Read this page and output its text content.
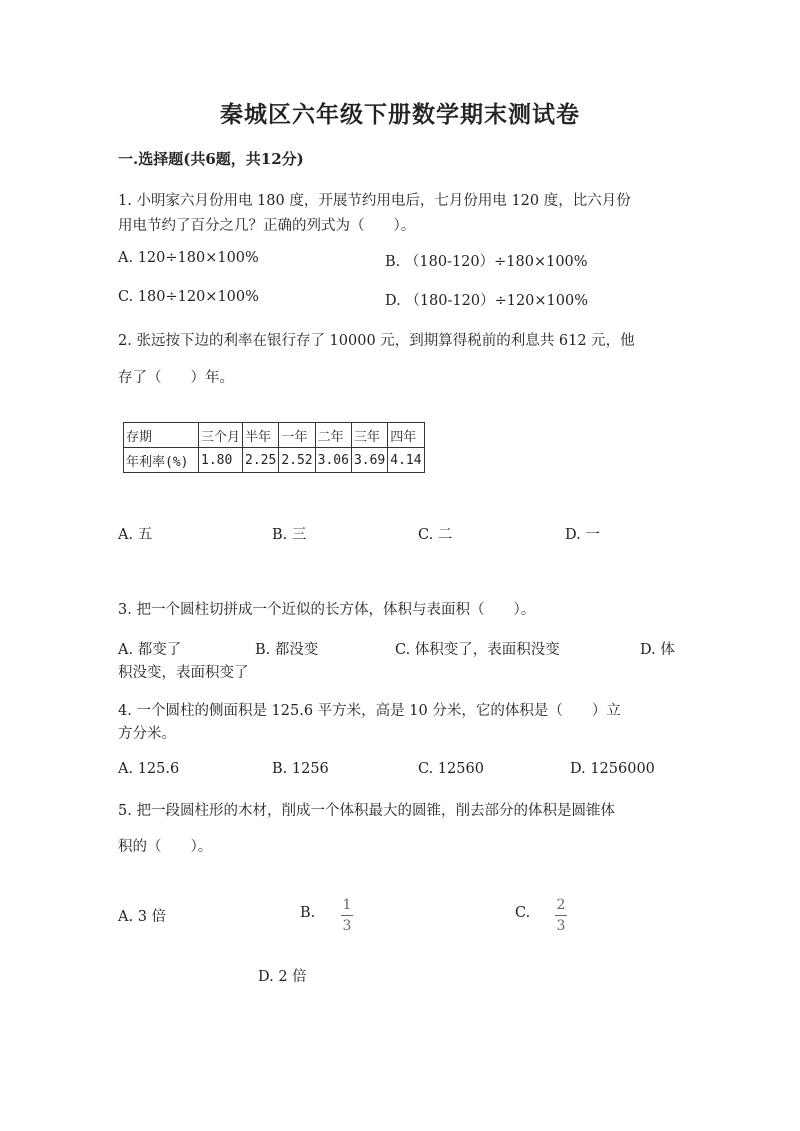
秦城区六年级下册数学期末测试卷
一.选择题(共6题，共12分)
1. 小明家六月份用电 180 度，开展节约用电后，七月份用电 120 度，比六月份
用电节约了百分之几？正确的列式为（　　）。
A. 120÷180×100%	B. （180-120）÷180×100%
C. 180÷120×100%	D. （180-120）÷120×100%
2. 张远按下边的利率在银行存了 10000 元，到期算得税前的利息共 612 元，他
存了（　　）年。
存期	三个月	半年	一年	二年	三年	四年
年利率(%)	1.80	2.25	2.52	3.06	3.69	4.14
A. 五	B. 三	C. 二	D. 一
3. 把一个圆柱切拼成一个近似的长方体，体积与表面积（　　）。
A. 都变了	B. 都没变	C. 体积变了，表面积没变	D. 体
积没变，表面积变了
4. 一个圆柱的侧面积是 125.6 平方米，高是 10 分米，它的体积是（　　）立
方分米。
A. 125.6	B. 1256	C. 12560	D. 1256000
5. 把一段圆柱形的木材，削成一个体积最大的圆锥，削去部分的体积是圆锥体
积的（　　）。
A. 3 倍	B. 1
3
C. 2
3
D. 2 倍
